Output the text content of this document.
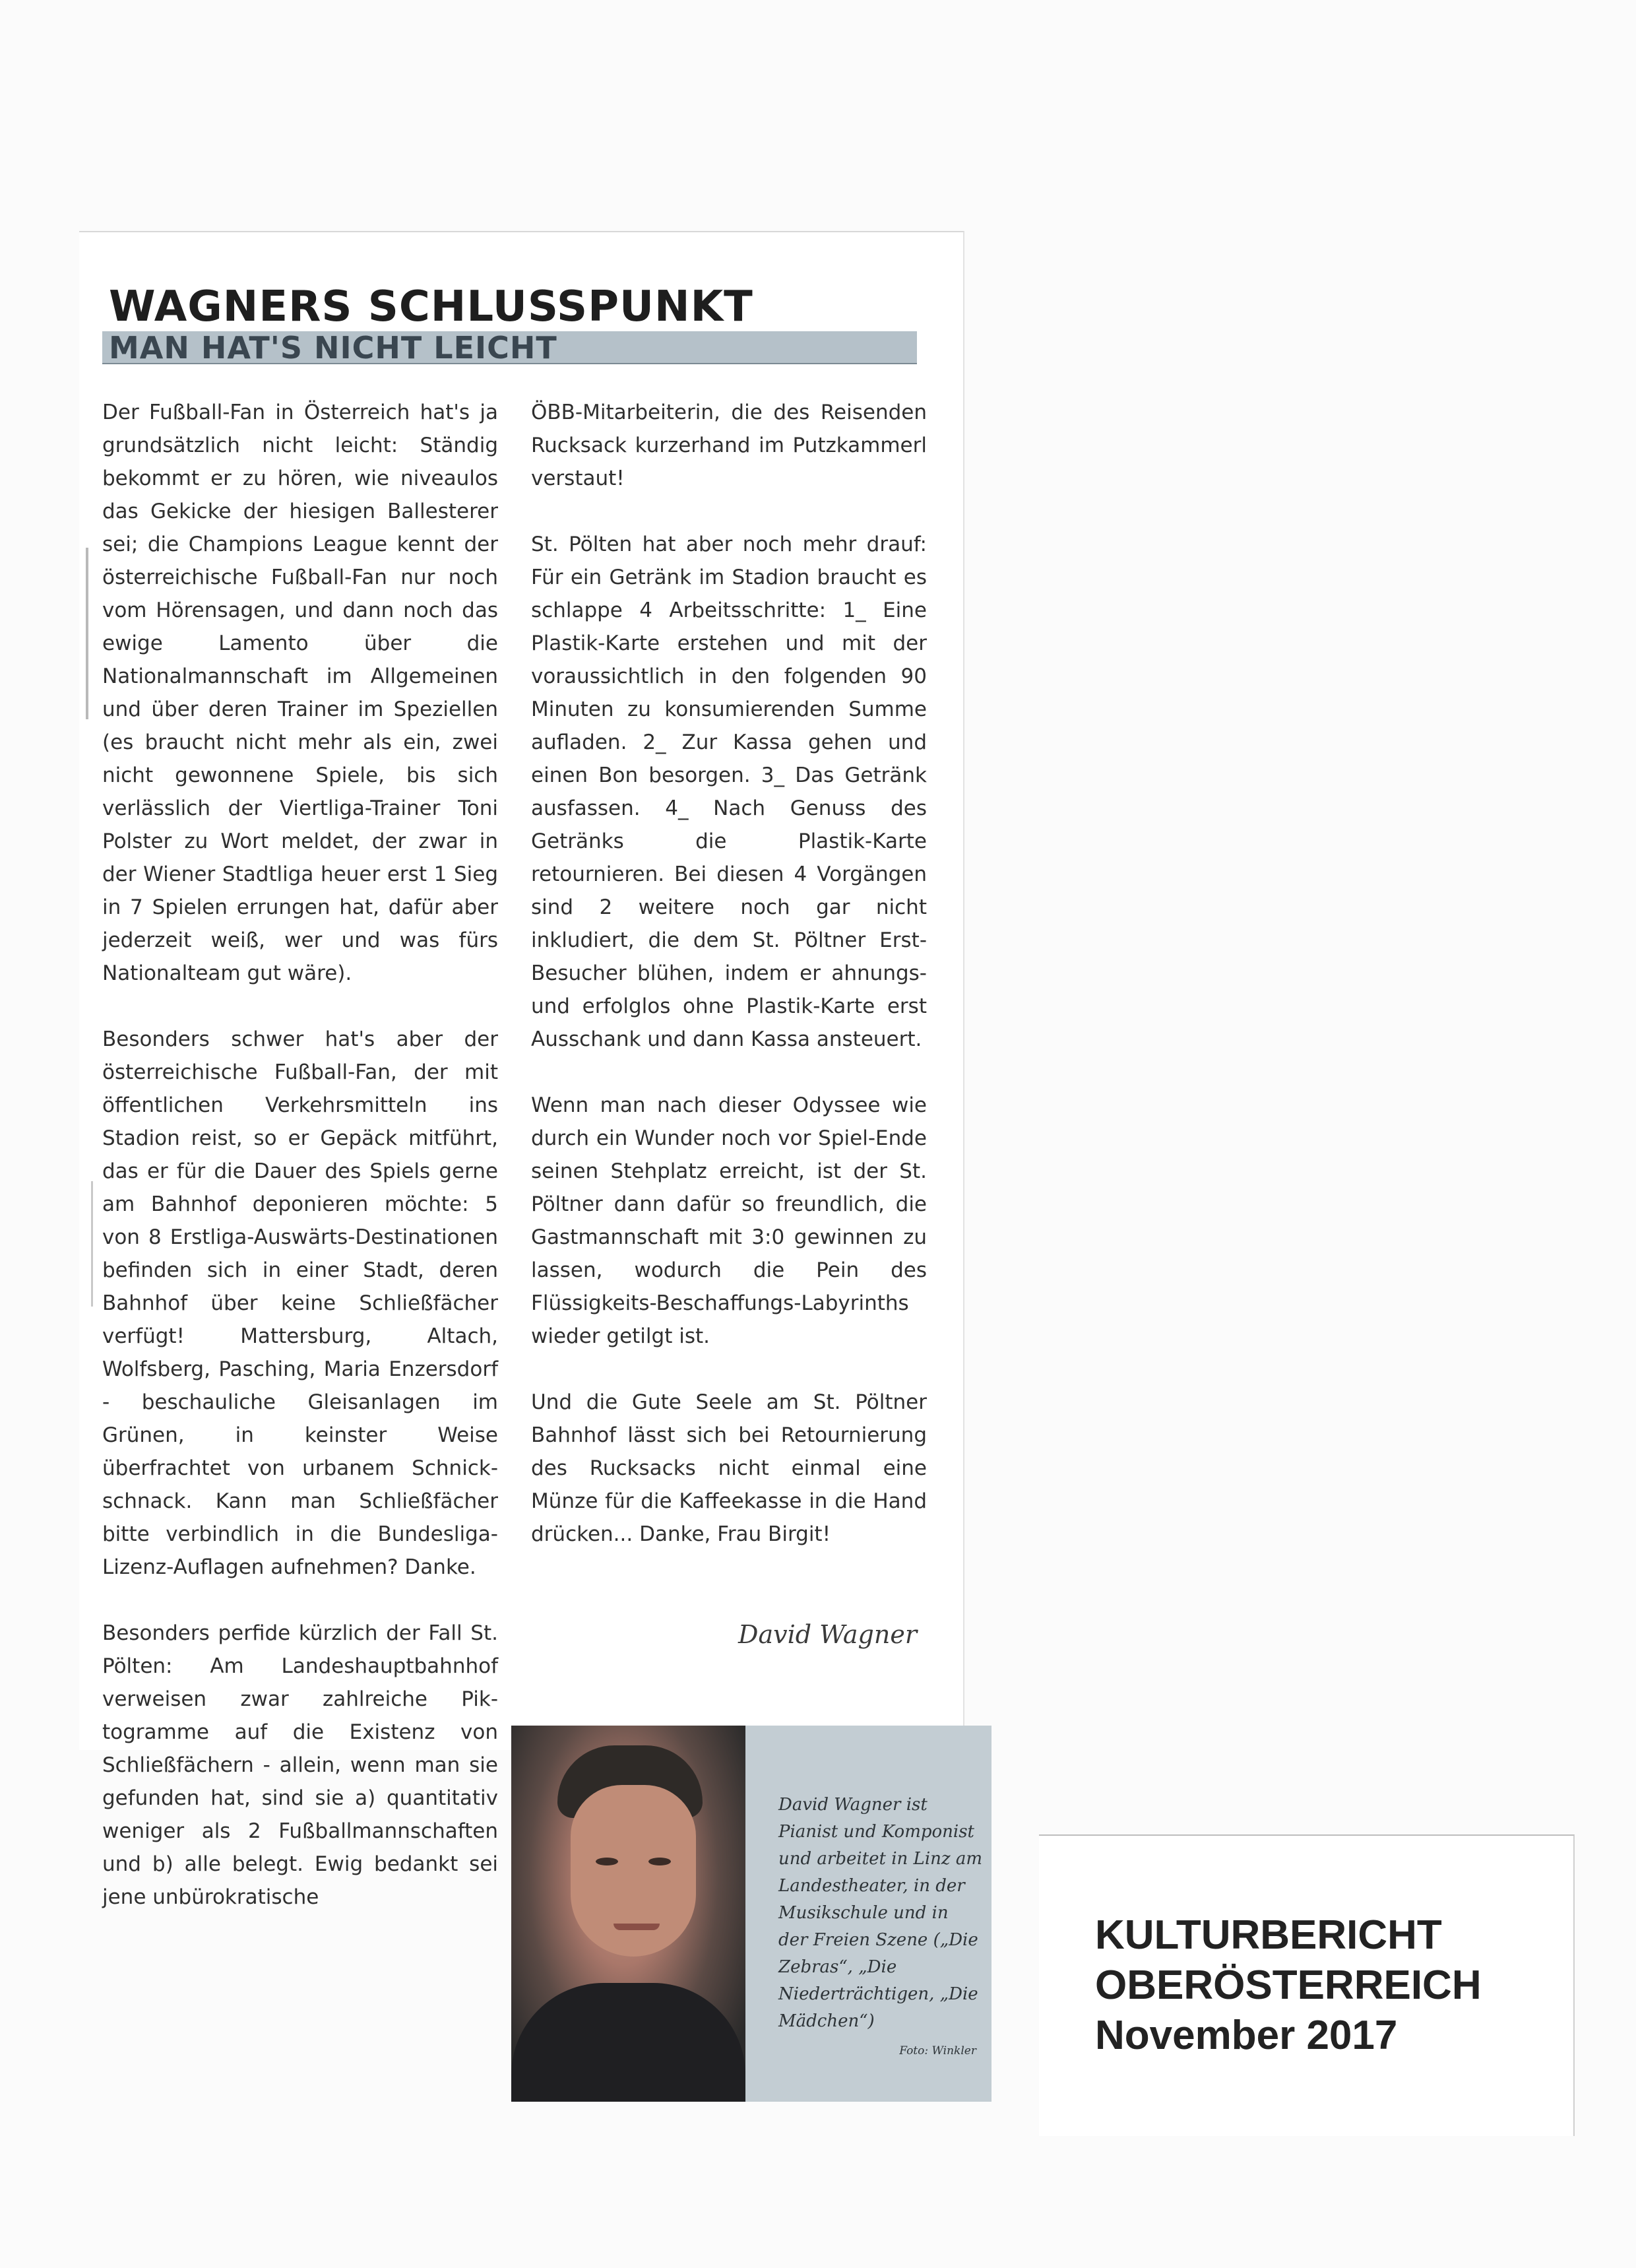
WAGNERS SCHLUSSPUNKT
MAN HAT'S NICHT LEICHT

Der Fußball-Fan in Österreich hat's ja grundsätzlich nicht leicht: Ständig bekommt er zu hören, wie niveaulos das Gekicke der hiesigen Ballesterer sei; die Champions League kennt der österreichische Fußball-Fan nur noch vom Hörensagen, und dann noch das ewige Lamento über die Nationalmannschaft im Allgemeinen und über deren Trainer im Speziellen (es braucht nicht mehr als ein, zwei nicht gewonnene Spiele, bis sich verlässlich der Viertliga-Trainer Toni Polster zu Wort meldet, der zwar in der Wiener Stadtliga heuer erst 1 Sieg in 7 Spielen errungen hat, dafür aber jederzeit weiß, wer und was fürs Nationalteam gut wäre).

Besonders schwer hat's aber der österreichische Fußball-Fan, der mit öffentlichen Verkehrsmitteln ins Stadion reist, so er Gepäck mitführt, das er für die Dauer des Spiels gerne am Bahnhof deponieren möchte: 5 von 8 Erstliga-Auswärts-Destinationen befinden sich in einer Stadt, deren Bahnhof über keine Schließfächer verfügt! Mattersburg, Altach, Wolfsberg, Pasching, Maria Enzersdorf - beschauliche Gleisanlagen im Grünen, in keinster Weise überfrachtet von urbanem Schnickschnack. Kann man Schließfächer bitte verbindlich in die Bundesliga-Lizenz-Auflagen aufnehmen? Danke.

Besonders perfide kürzlich der Fall St. Pölten: Am Landeshauptbahnhof verweisen zwar zahlreiche Piktogramme auf die Existenz von Schließfächern - allein, wenn man sie gefunden hat, sind sie a) quantitativ weniger als 2 Fußballmannschaften und b) alle belegt. Ewig bedankt sei jene unbürokratische

ÖBB-Mitarbeiterin, die des Reisenden Rucksack kurzerhand im Putzkammerl verstaut!

St. Pölten hat aber noch mehr drauf: Für ein Getränk im Stadion braucht es schlappe 4 Arbeitsschritte: 1_ Eine Plastik-Karte erstehen und mit der voraussichtlich in den folgenden 90 Minuten zu konsumierenden Summe aufladen. 2_ Zur Kassa gehen und einen Bon besorgen. 3_ Das Getränk ausfassen. 4_ Nach Genuss des Getränks die Plastik-Karte retournieren. Bei diesen 4 Vorgängen sind 2 weitere noch gar nicht inkludiert, die dem St. Pöltner Erst-Besucher blühen, indem er ahnungs- und erfolglos ohne Plastik-Karte erst Ausschank und dann Kassa ansteuert.

Wenn man nach dieser Odyssee wie durch ein Wunder noch vor Spiel-Ende seinen Stehplatz erreicht, ist der St. Pöltner dann dafür so freundlich, die Gastmannschaft mit 3:0 gewinnen zu lassen, wodurch die Pein des Flüssigkeits-Beschaffungs-Labyrinths wieder getilgt ist.

Und die Gute Seele am St. Pöltner Bahnhof lässt sich bei Retournierung des Rucksacks nicht einmal eine Münze für die Kaffeekasse in die Hand drücken... Danke, Frau Birgit!

David Wagner
David Wagner ist Pianist und Komponist und arbeitet in Linz am Landestheater, in der Musikschule und in der Freien Szene („Die Zebras“, „Die Niederträchtigen, „Die Mädchen“)
Foto: Winkler
KULTURBERICHT
OBERÖSTERREICH
November 2017
